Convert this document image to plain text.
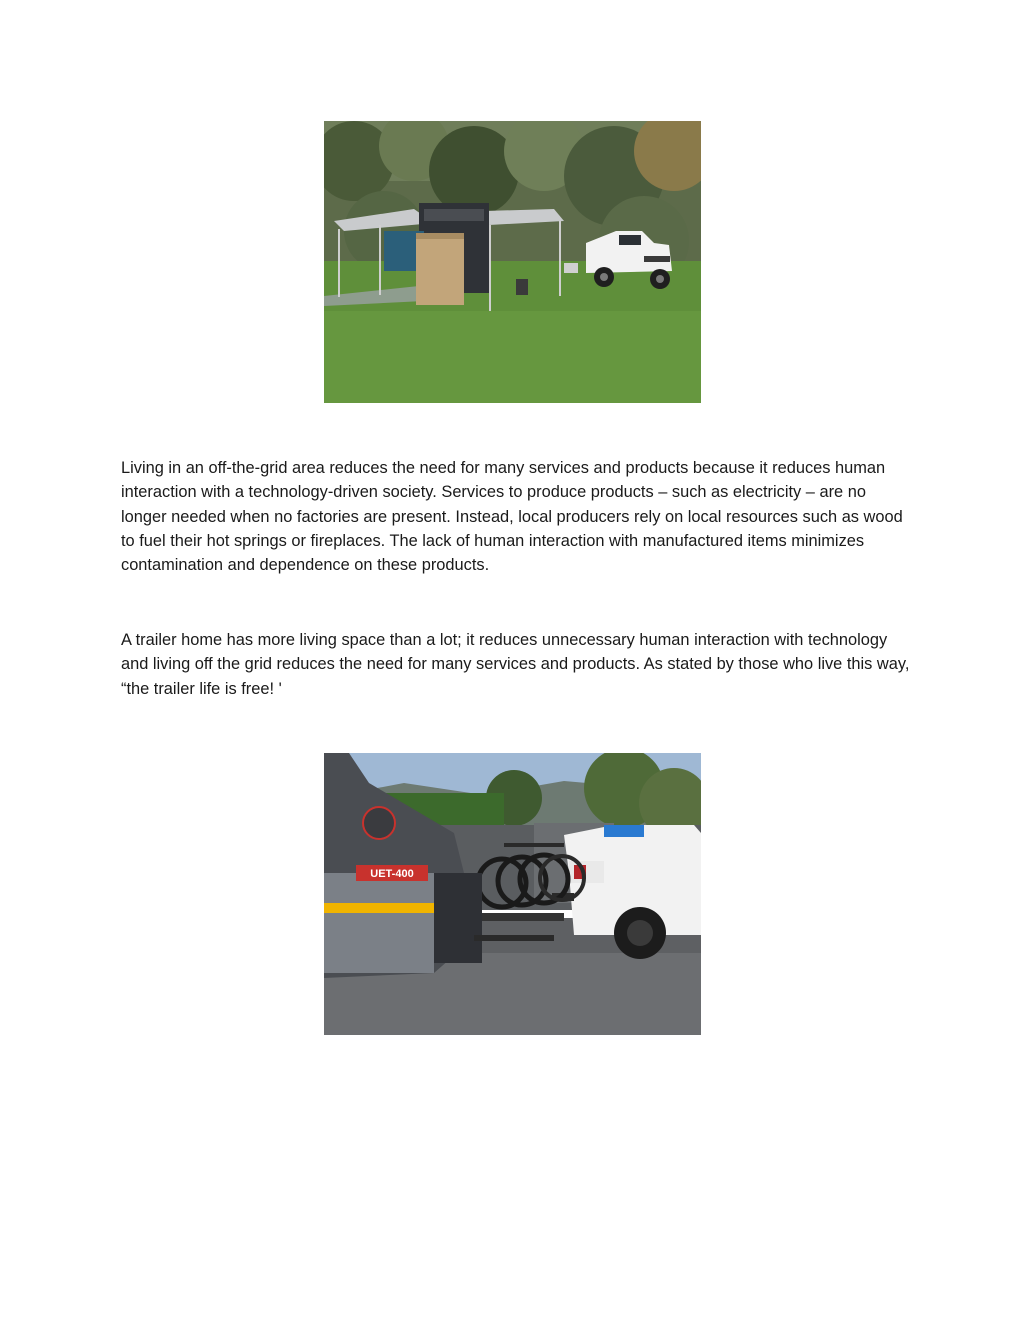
Living in an off-the-grid area reduces the need for many services and products because it reduces human interaction with a technology-driven society. Services to produce products – such as electricity – are no longer needed when no factories are present. Instead, local producers rely on local resources such as wood to fuel their hot springs or fireplaces. The lack of human interaction with manufactured items minimizes contamination and dependence on these products.

A trailer home has more living space than a lot; it reduces unnecessary human interaction with technology and living off the grid reduces the need for many services and products. As stated by those who live this way, “the trailer life is free! '

UET-400
